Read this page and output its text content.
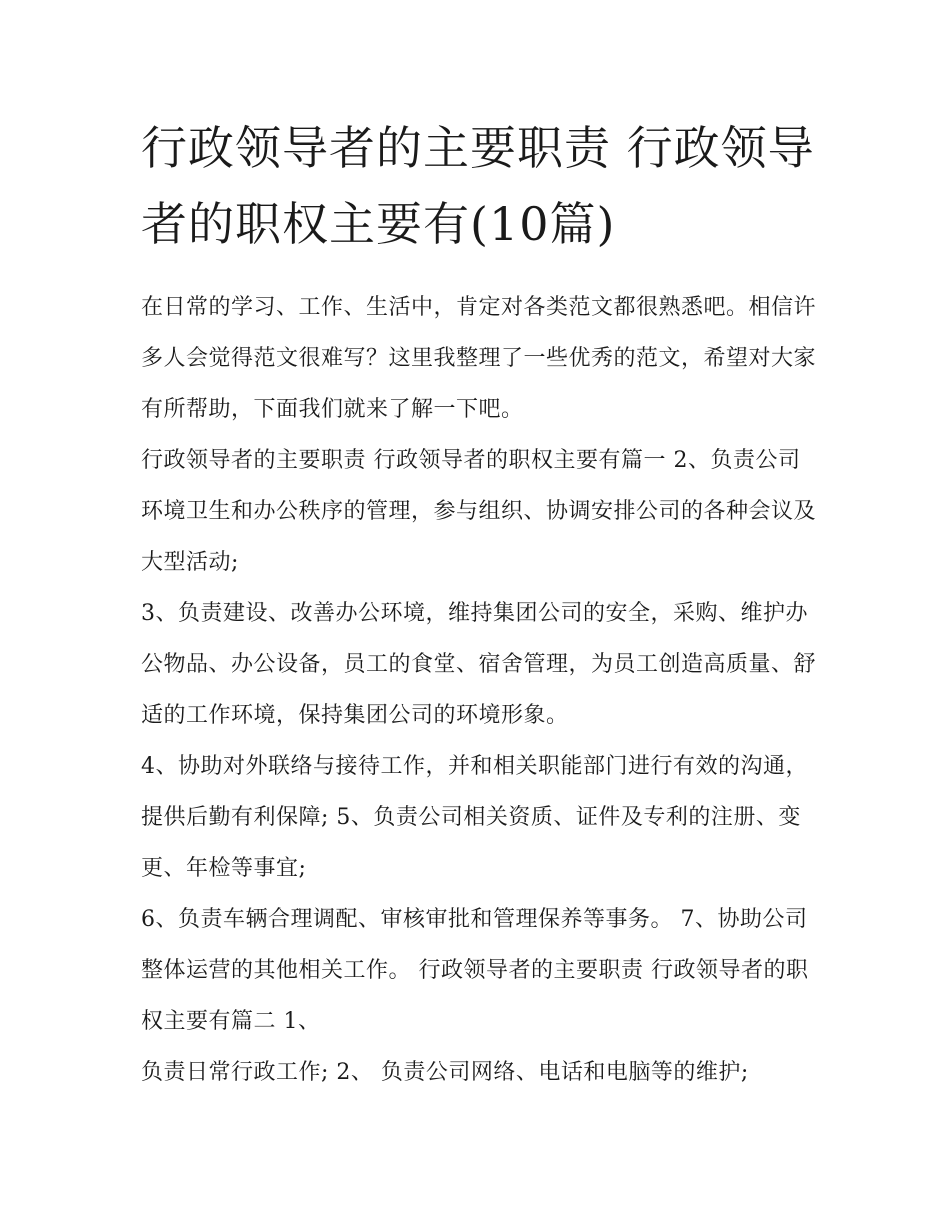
行政领导者的主要职责 行政领导者的职权主要有(10篇)

在日常的学习、工作、生活中，肯定对各类范文都很熟悉吧。相信许多人会觉得范文很难写？这里我整理了一些优秀的范文，希望对大家有所帮助，下面我们就来了解一下吧。

行政领导者的主要职责 行政领导者的职权主要有篇一 2、负责公司环境卫生和办公秩序的管理，参与组织、协调安排公司的各种会议及大型活动;

3、负责建设、改善办公环境，维持集团公司的安全，采购、维护办公物品、办公设备，员工的食堂、宿舍管理，为员工创造高质量、舒适的工作环境，保持集团公司的环境形象。

4、协助对外联络与接待工作，并和相关职能部门进行有效的沟通，提供后勤有利保障; 5、负责公司相关资质、证件及专利的注册、变更、年检等事宜;

6、负责车辆合理调配、审核审批和管理保养等事务。 7、协助公司整体运营的其他相关工作。 行政领导者的主要职责 行政领导者的职权主要有篇二 1、

负责日常行政工作; 2、 负责公司网络、电话和电脑等的维护;
